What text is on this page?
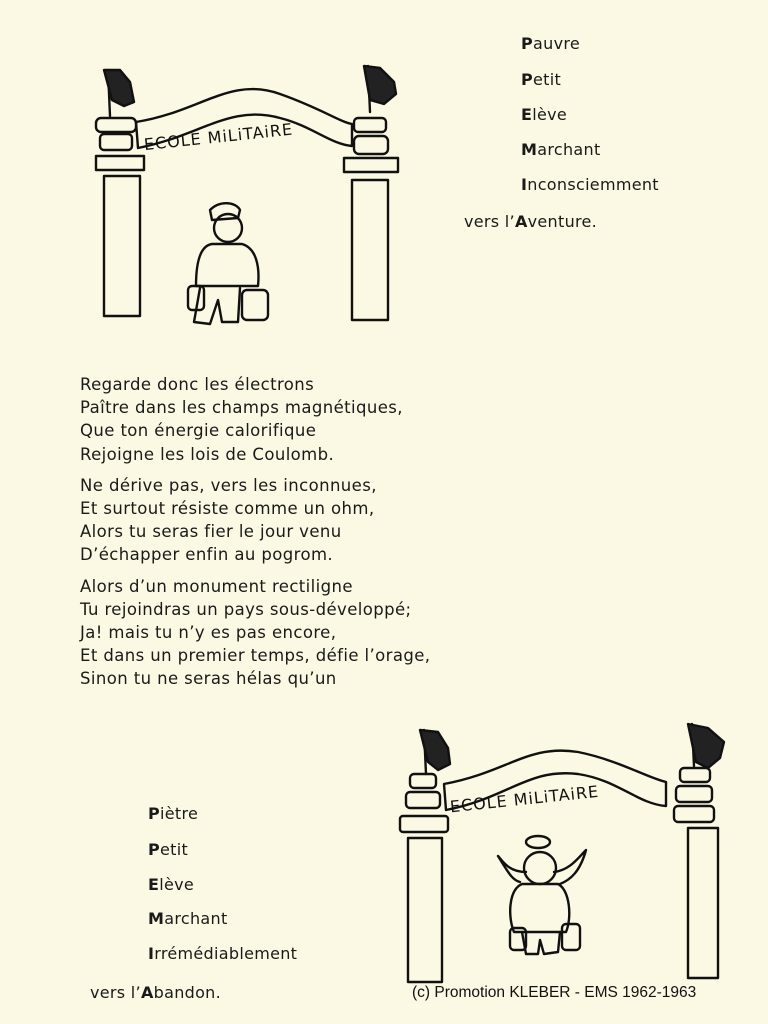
Pauvre
Petit
Elève
Marchant
Inconsciemment
vers l’Aventure.
ECOLE MiLiTAiRE
Regarde donc les électrons
Paître dans les champs magnétiques,
Que ton énergie calorifique
Rejoigne les lois de Coulomb.
Ne dérive pas, vers les inconnues,
Et surtout résiste comme un ohm,
Alors tu seras fier le jour venu
D’échapper enfin au pogrom.
Alors d’un monument rectiligne
Tu rejoindras un pays sous-développé;
Ja! mais tu n’y es pas encore,
Et dans un premier temps, défie l’orage,
Sinon tu ne seras hélas qu’un
Piètre
Petit
Elève
Marchant
Irrémédiablement
vers l’Abandon.
ECOLE MiLiTAiRE
(c) Promotion KLEBER - EMS 1962-1963
